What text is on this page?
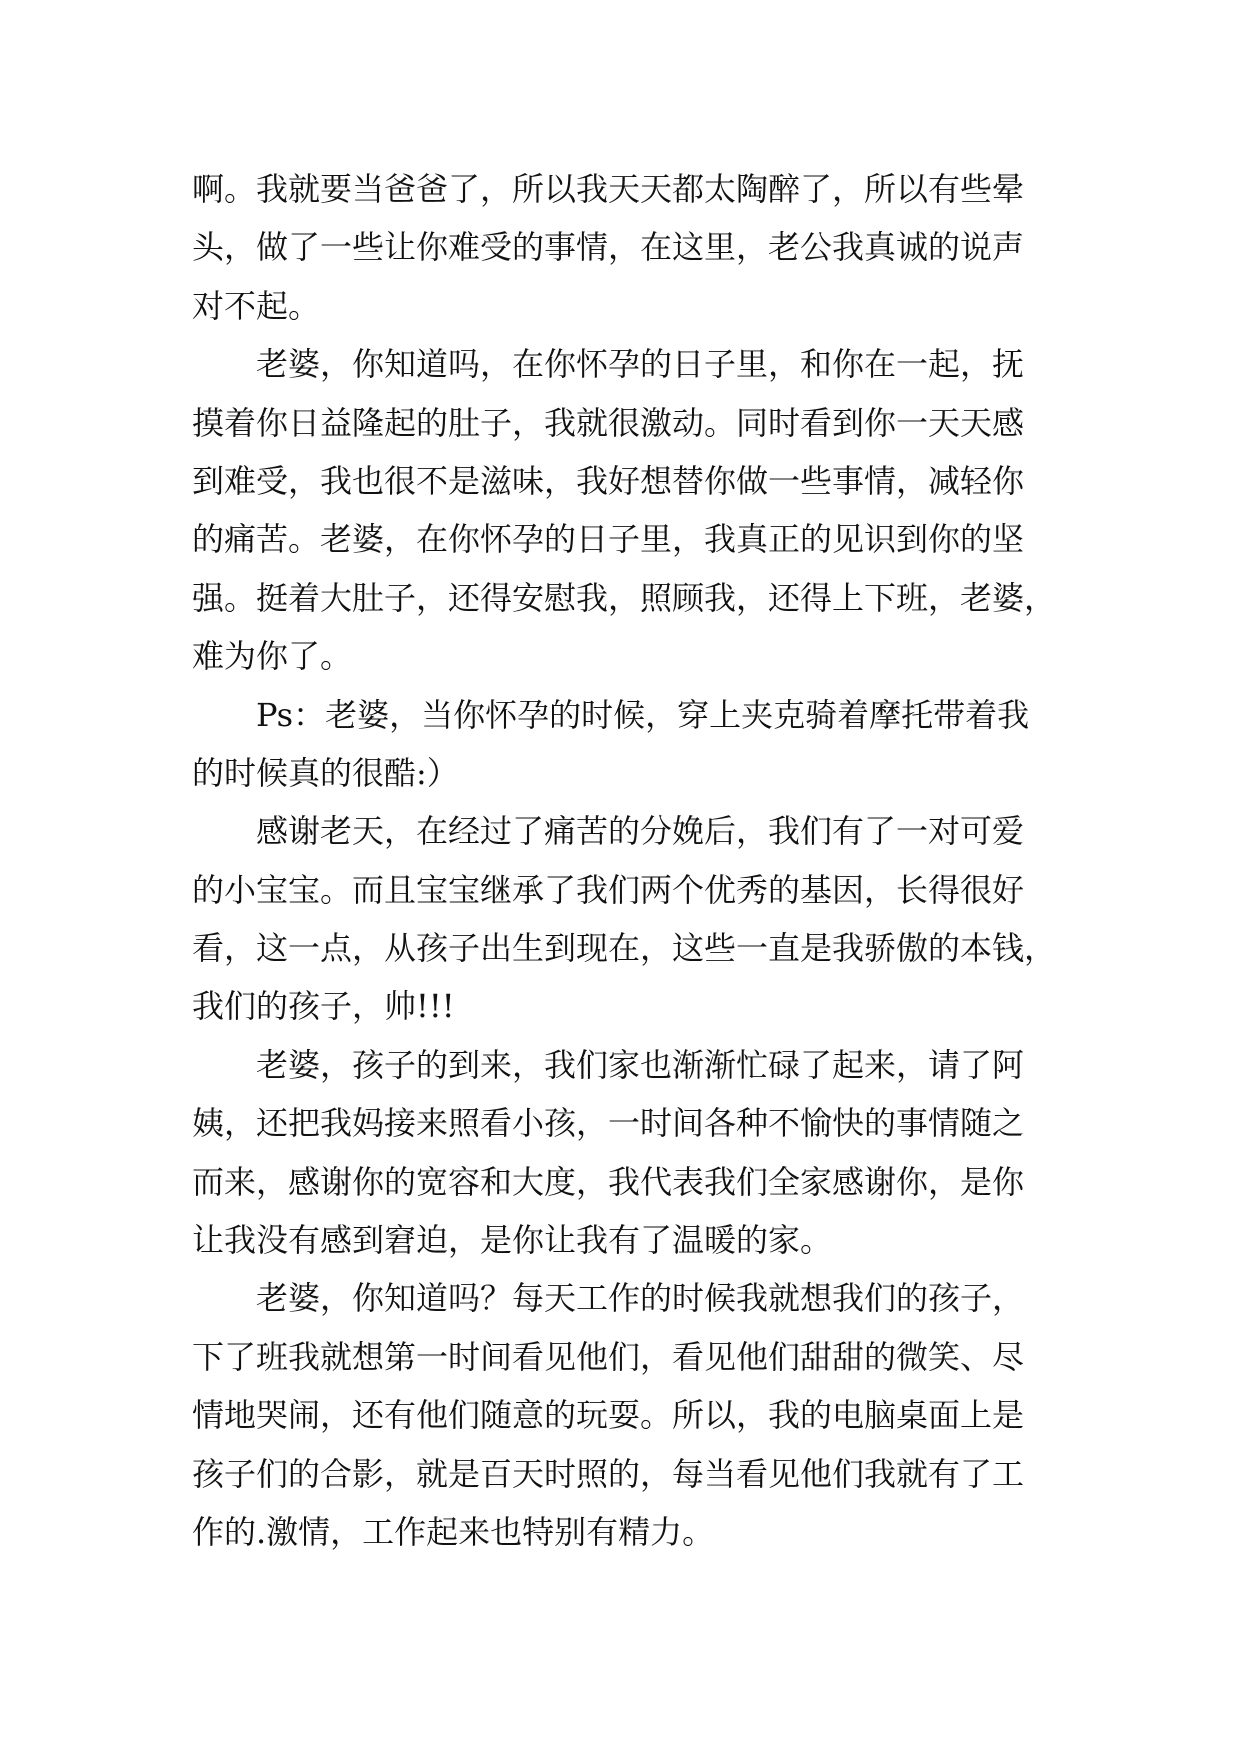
啊。我就要当爸爸了，所以我天天都太陶醉了，所以有些晕
头，做了一些让你难受的事情，在这里，老公我真诚的说声
对不起。
　　老婆，你知道吗，在你怀孕的日子里，和你在一起，抚
摸着你日益隆起的肚子，我就很激动。同时看到你一天天感
到难受，我也很不是滋味，我好想替你做一些事情，减轻你
的痛苦。老婆，在你怀孕的日子里，我真正的见识到你的坚
强。挺着大肚子，还得安慰我，照顾我，还得上下班，老婆，
难为你了。
　　Ps：老婆，当你怀孕的时候，穿上夹克骑着摩托带着我
的时候真的很酷:）
　　感谢老天，在经过了痛苦的分娩后，我们有了一对可爱
的小宝宝。而且宝宝继承了我们两个优秀的基因，长得很好
看，这一点，从孩子出生到现在，这些一直是我骄傲的本钱，
我们的孩子，帅!!!
　　老婆，孩子的到来，我们家也渐渐忙碌了起来，请了阿
姨，还把我妈接来照看小孩，一时间各种不愉快的事情随之
而来，感谢你的宽容和大度，我代表我们全家感谢你，是你
让我没有感到窘迫，是你让我有了温暖的家。
　　老婆，你知道吗？每天工作的时候我就想我们的孩子，
下了班我就想第一时间看见他们，看见他们甜甜的微笑、尽
情地哭闹，还有他们随意的玩耍。所以，我的电脑桌面上是
孩子们的合影，就是百天时照的，每当看见他们我就有了工
作的.激情，工作起来也特别有精力。
